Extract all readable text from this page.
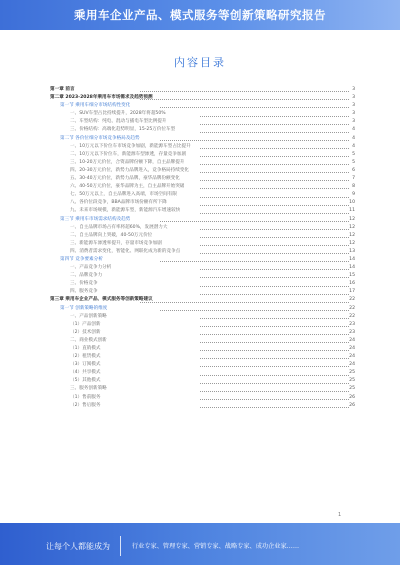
乘用车企业产品、模式服务等创新策略研究报告
内容目录
第一章 前言	3
第二章 2023-2028年乘用车市场需求及趋势预测	3
第一节 乘用车细分市场结构性变化	3
一、SUV车型占比持续提升，2028年将超50%	3
二、车型结构：纯电、混动与插电车型比例提升	3
三、价格结构：高端化趋势明显，15-25万价位车型	4
第二节 各价位细分市场竞争格局及趋势	4
一、10万元以下价位车市场竞争加剧，新能源车型占比提升	4
二、10万元以下价位车，新能源车型渗透，存量竞争加剧	5
三、10-20万元价位，合资品牌份额下降，自主品牌提升	5
四、20-30万元价位，新势力品牌进入，竞争格局持续变化	6
五、30-40万元价位，新势力品牌，豪华品牌份额变化	7
六、40-50万元价位，豪华品牌为主，自主品牌开始突破	8
七、50万元以上，自主品牌进入高端，市场空间有限	9
八、各价位段竞争，BBA品牌市场份额有所下降	10
九、未来市场规模，新能源车型，新能源汽车增速较快	11
第三节 乘用车市场需求结构及趋势	12
一、自主品牌市场占有率将超60%，发展潜力大	12
二、自主品牌向上突破，40-50万元价位	12
三、新能源车渗透率提升，存量市场竞争加剧	12
四、消费者需求变化，智能化、网联化成为新的竞争点	13
第四节 竞争要素分析	14
一、产品竞争力分析	14
二、品牌竞争力	15
三、价格竞争	16
四、服务竞争	17
第三章 乘用车企业产品、模式服务等创新策略建议	22
第一节 创新策略的维度	22
一、产品创新策略	22
（1）产品创新	23
（2）技术创新	23
二、商业模式创新	24
（1）直销模式	24
（2）租赁模式	24
（3）订阅模式	24
（4）共享模式	25
（5）其他模式	25
三、服务创新策略	25
（1）售前服务	26
（2）售后服务	26
1
让每个人都能成为	行业专家、管理专家、营销专家、战略专家、成功企业家……
